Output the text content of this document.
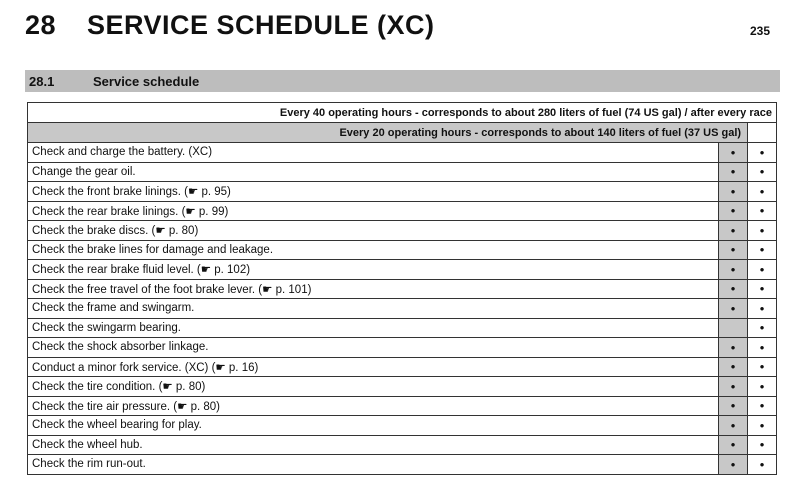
28 SERVICE SCHEDULE (XC)	235
28.1	Service schedule
Every 40 operating hours - corresponds to about 280 liters of fuel (74 US gal) / after every race		
Every 20 operating hours - corresponds to about 140 liters of fuel (37 US gal)		
Check and charge the battery. (XC)	•	•
Change the gear oil.	•	•
Check the front brake linings. (☛ p. 95)	•	•
Check the rear brake linings. (☛ p. 99)	•	•
Check the brake discs. (☛ p. 80)	•	•
Check the brake lines for damage and leakage.	•	•
Check the rear brake fluid level. (☛ p. 102)	•	•
Check the free travel of the foot brake lever. (☛ p. 101)	•	•
Check the frame and swingarm.	•	•
Check the swingarm bearing.		•
Check the shock absorber linkage.	•	•
Conduct a minor fork service. (XC) (☛ p. 16)	•	•
Check the tire condition. (☛ p. 80)	•	•
Check the tire air pressure. (☛ p. 80)	•	•
Check the wheel bearing for play.	•	•
Check the wheel hub.	•	•
Check the rim run-out.	•	•
